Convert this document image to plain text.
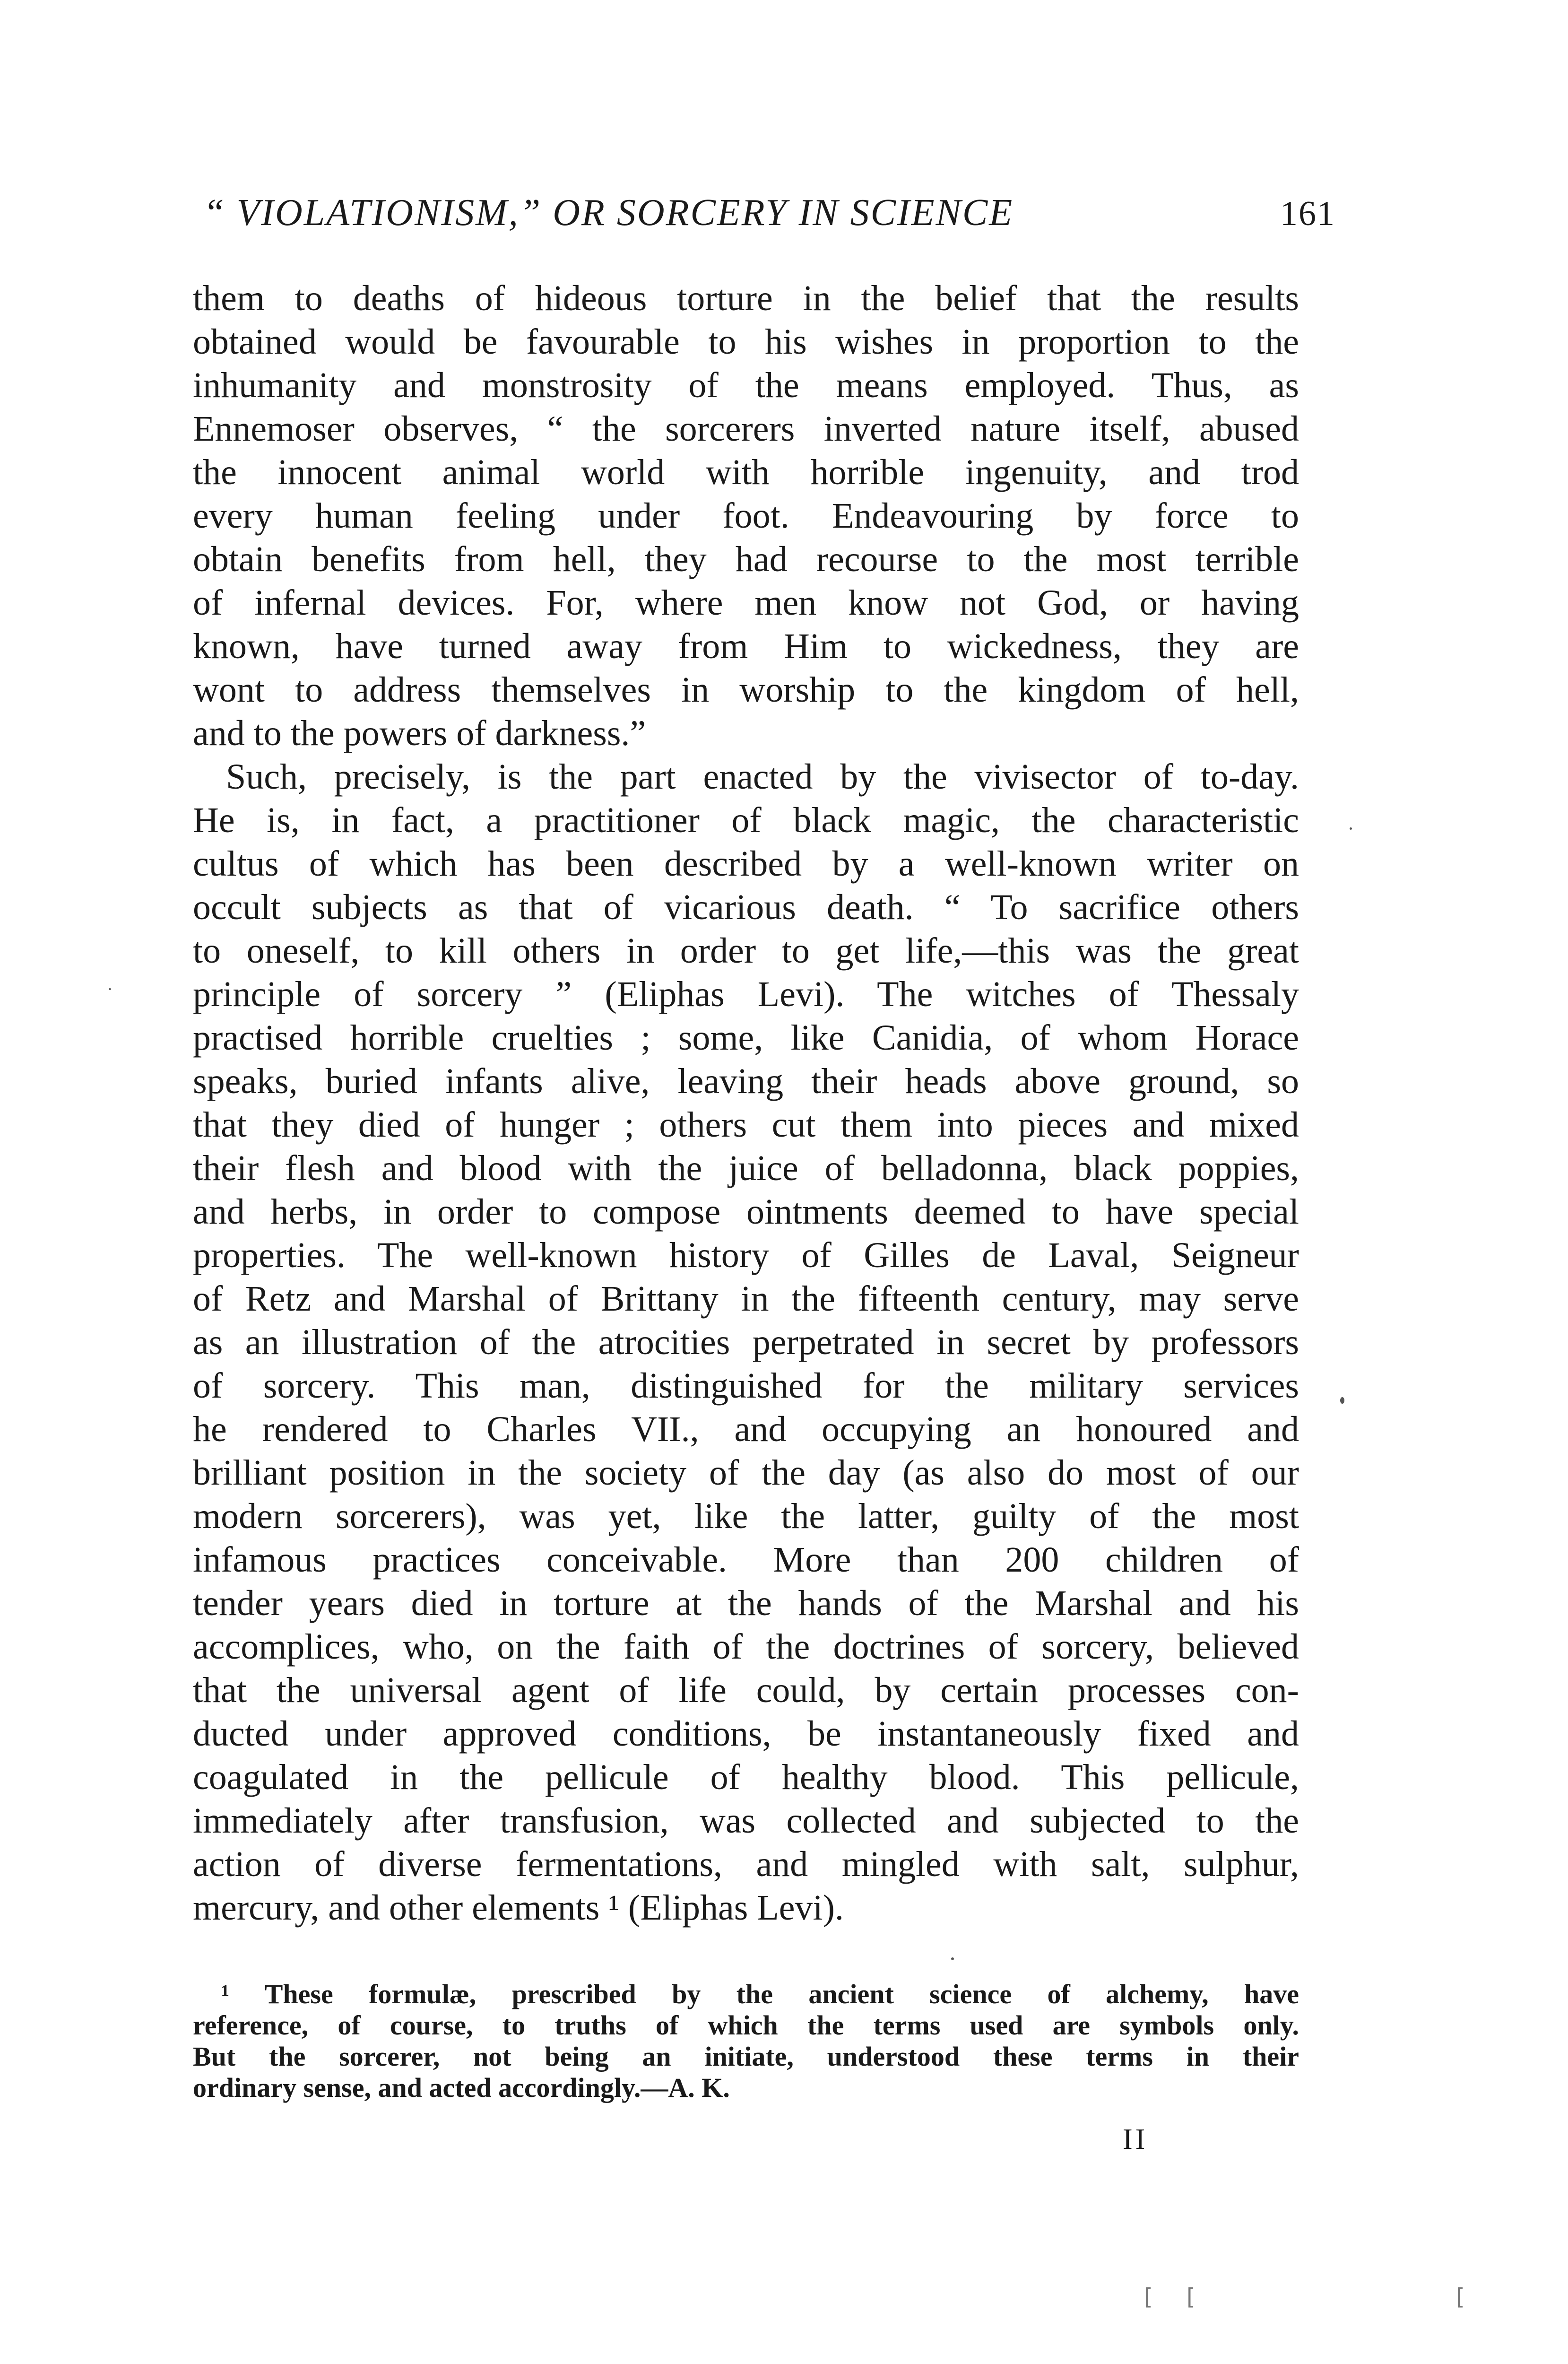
“ VIOLATIONISM,” OR SORCERY IN SCIENCE	161
them to deaths of hideous torture in the belief that the results
obtained would be favourable to his wishes in proportion to the
inhumanity and monstrosity of the means employed. Thus, as
Ennemoser observes, “ the sorcerers inverted nature itself, abused
the innocent animal world with horrible ingenuity, and trod
every human feeling under foot. Endeavouring by force to
obtain benefits from hell, they had recourse to the most terrible
of infernal devices. For, where men know not God, or having
known, have turned away from Him to wickedness, they are
wont to address themselves in worship to the kingdom of hell,
and to the powers of darkness.”
Such, precisely, is the part enacted by the vivisector of to-day.
He is, in fact, a practitioner of black magic, the characteristic
cultus of which has been described by a well-known writer on
occult subjects as that of vicarious death. “ To sacrifice others
to oneself, to kill others in order to get life,—this was the great
principle of sorcery ” (Eliphas Levi). The witches of Thessaly
practised horrible cruelties ; some, like Canidia, of whom Horace
speaks, buried infants alive, leaving their heads above ground, so
that they died of hunger ; others cut them into pieces and mixed
their flesh and blood with the juice of belladonna, black poppies,
and herbs, in order to compose ointments deemed to have special
properties. The well-known history of Gilles de Laval, Seigneur
of Retz and Marshal of Brittany in the fifteenth century, may serve
as an illustration of the atrocities perpetrated in secret by professors
of sorcery. This man, distinguished for the military services
he rendered to Charles VII., and occupying an honoured and
brilliant position in the society of the day (as also do most of our
modern sorcerers), was yet, like the latter, guilty of the most
infamous practices conceivable. More than 200 children of
tender years died in torture at the hands of the Marshal and his
accomplices, who, on the faith of the doctrines of sorcery, believed
that the universal agent of life could, by certain processes con-
ducted under approved conditions, be instantaneously fixed and
coagulated in the pellicule of healthy blood. This pellicule,
immediately after transfusion, was collected and subjected to the
action of diverse fermentations, and mingled with salt, sulphur,
mercury, and other elements ¹ (Eliphas Levi).
¹ These formulæ, prescribed by the ancient science of alchemy, have
reference, of course, to truths of which the terms used are symbols only.
But the sorcerer, not being an initiate, understood these terms in their
ordinary sense, and acted accordingly.—A. K.
II
[ [	[
